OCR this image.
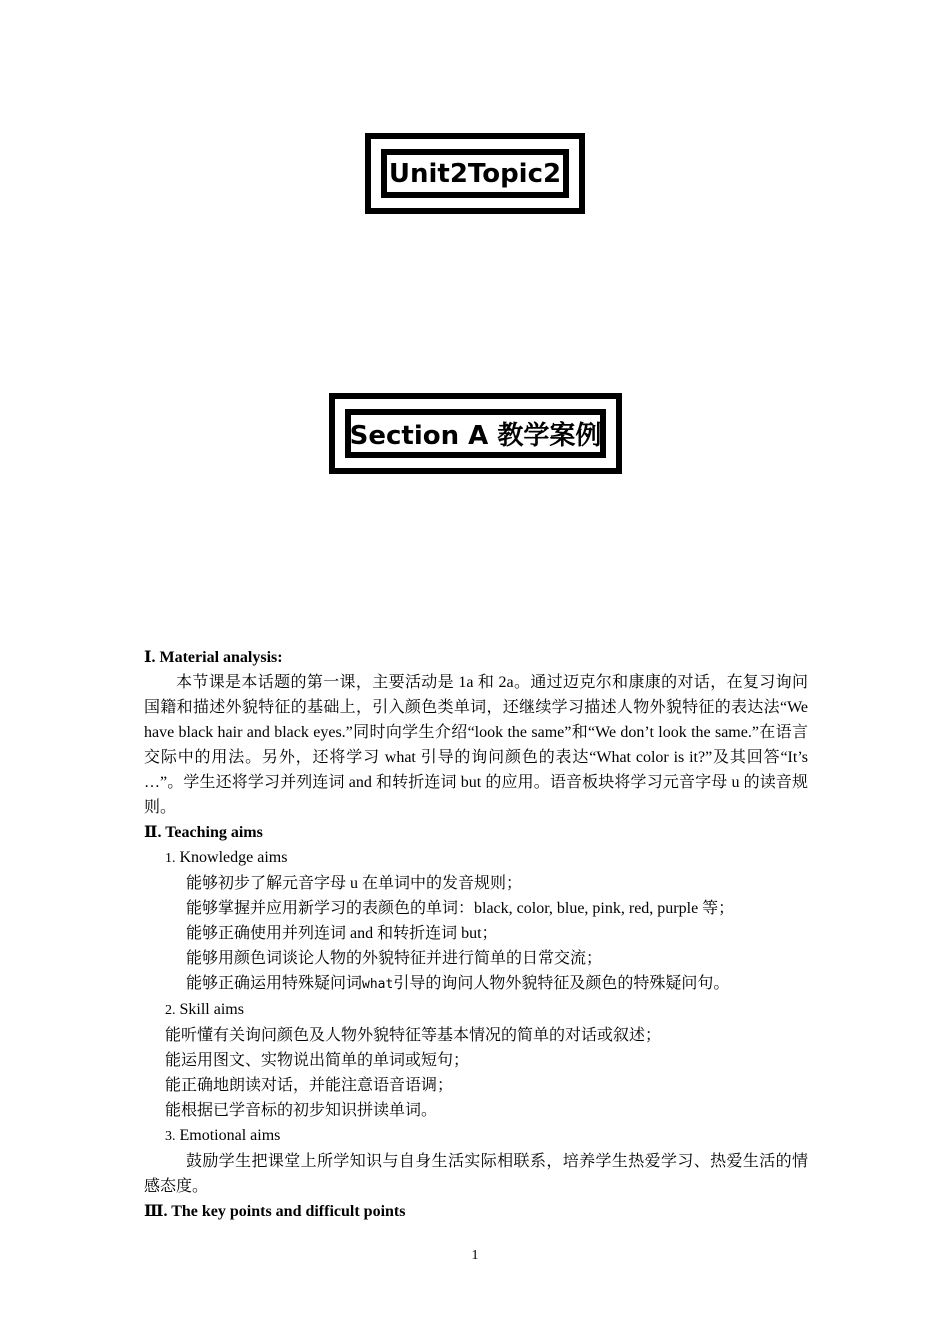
Unit2Topic2
Section A 教学案例

Ⅰ. Material analysis:

本节课是本话题的第一课，主要活动是 1a 和 2a。通过迈克尔和康康的对话，在复习询问国籍和描述外貌特征的基础上，引入颜色类单词，还继续学习描述人物外貌特征的表达法“We have black hair and black eyes.”同时向学生介绍“look the same”和“We don’t look the same.”在语言交际中的用法。另外，还将学习 what 引导的询问颜色的表达“What color is it?”及其回答“It’s …”。学生还将学习并列连词 and 和转折连词 but 的应用。语音板块将学习元音字母 u 的读音规则。

Ⅱ. Teaching aims

1. Knowledge aims

能够初步了解元音字母 u 在单词中的发音规则；

能够掌握并应用新学习的表颜色的单词：black, color, blue, pink, red, purple 等；

能够正确使用并列连词 and 和转折连词 but；

能够用颜色词谈论人物的外貌特征并进行简单的日常交流；

能够正确运用特殊疑问词what引导的询问人物外貌特征及颜色的特殊疑问句。

2. Skill aims

能听懂有关询问颜色及人物外貌特征等基本情况的简单的对话或叙述；

能运用图文、实物说出简单的单词或短句；

能正确地朗读对话，并能注意语音语调；

能根据已学音标的初步知识拼读单词。

3. Emotional aims

鼓励学生把课堂上所学知识与自身生活实际相联系，培养学生热爱学习、热爱生活的情感态度。

Ⅲ. The key points and difficult points

1
